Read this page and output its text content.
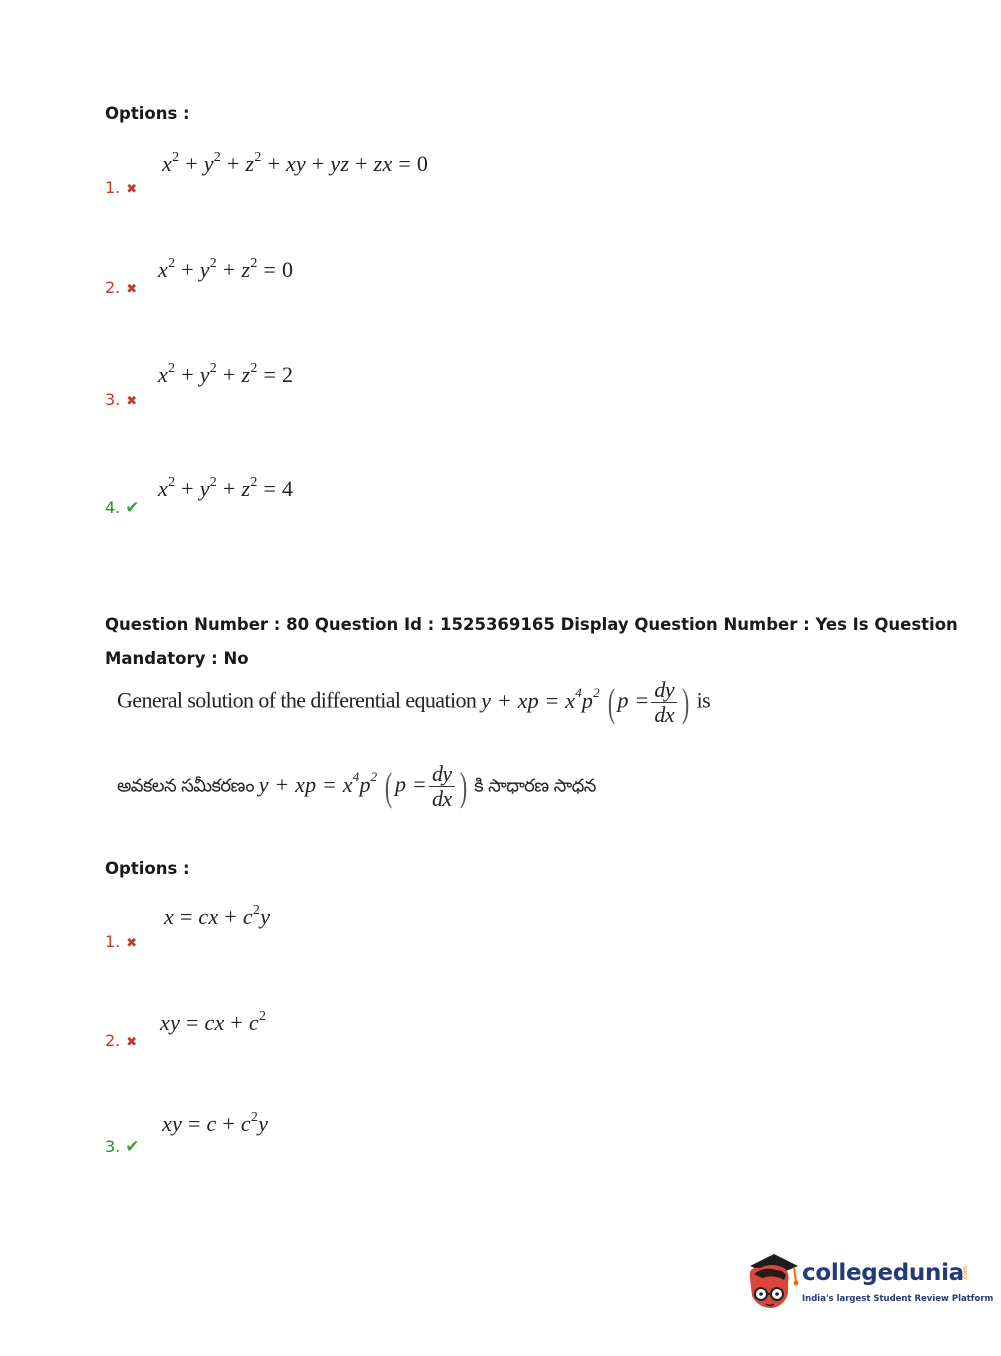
Options :
$x^2 + y^2 + z^2$ + xy + yz + zx = 0
1. ✖
$x^2 + y^2 + z^2 = 0$
2. ✖
$x^2 + y^2 + z^2 = 2$
3. ✖
$x^2 + y^2 + z^2 = 4$
4. ✔
Question Number : 80 Question Id : 1525369165 Display Question Number : Yes Is Question
Mandatory : No
General solution of the differential equation y + xp = $x^4p^2$ ( $p = \frac{dy}{dx}$ ) is
అవకలన సమీకరణం y + xp = $x^4p^2$ ( $p = \frac{dy}{dx}$ ) కి సాధారణ సాధన
Options :
x = cx + $c^2y$
1. ✖
xy = cx + $c^2$
2. ✖
xy = $c + c^2y$
3. ✔
collegedunia
.com
India's largest Student Review Platform
